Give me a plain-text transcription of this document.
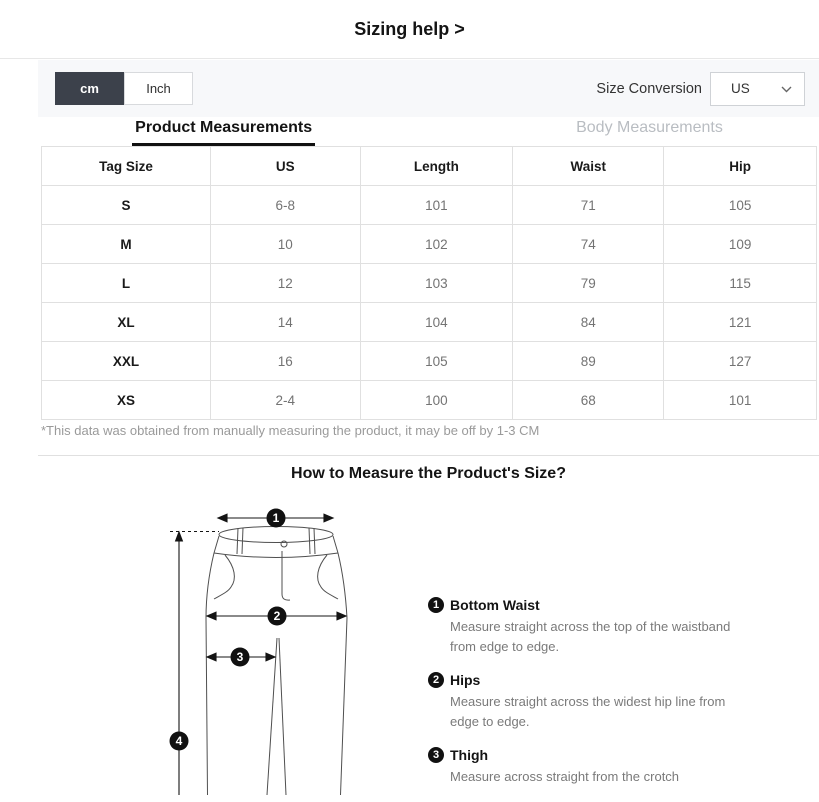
Sizing help >
cm	Inch	Size Conversion US
Product Measurements	Body Measurements
Tag Size	US	Length	Waist	Hip
S	6-8	101	71	105
M	10	102	74	109
L	12	103	79	115
XL	14	104	84	121
XXL	16	105	89	127
XS	2-4	100	68	101
*This data was obtained from manually measuring the product, it may be off by 1-3 CM
How to Measure the Product's Size?
1
2
3
4
1 Bottom Waist
Measure straight across the top of the waistband from edge to edge.
2 Hips
Measure straight across the widest hip line from edge to edge.
3 Thigh
Measure across straight from the crotch
